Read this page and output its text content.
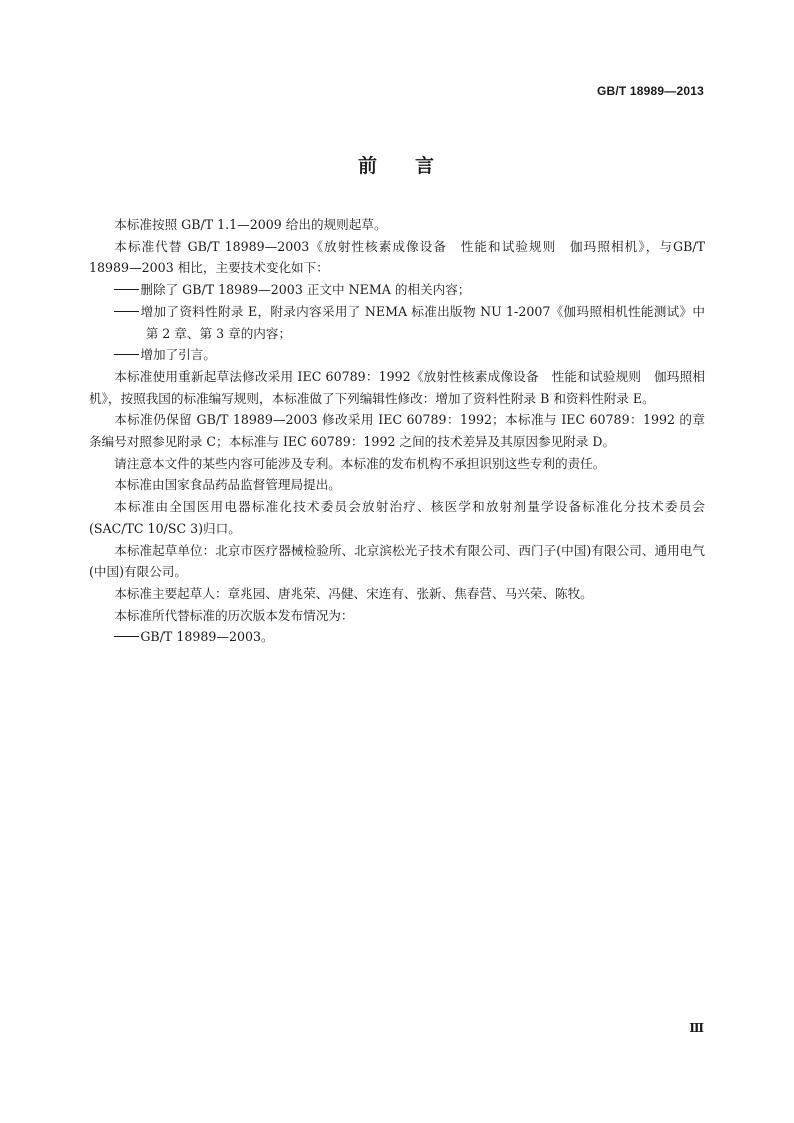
GB/T 18989—2013
前 言

本标准按照 GB/T 1.1—2009 给出的规则起草。

本标准代替 GB/T 18989—2003《放射性核素成像设备　性能和试验规则　伽玛照相机》，与GB/T 18989—2003 相比，主要技术变化如下：

删除了 GB/T 18989—2003 正文中 NEMA 的相关内容；

增加了资料性附录 E，附录内容采用了 NEMA 标准出版物 NU 1-2007《伽玛照相机性能测试》中第 2 章、第 3 章的内容；

增加了引言。

本标准使用重新起草法修改采用 IEC 60789：1992《放射性核素成像设备　性能和试验规则　伽玛照相机》，按照我国的标准编写规则，本标准做了下列编辑性修改：增加了资料性附录 B 和资料性附录 E。

本标准仍保留 GB/T 18989—2003 修改采用 IEC 60789：1992；本标准与 IEC 60789：1992 的章条编号对照参见附录 C；本标准与 IEC 60789：1992 之间的技术差异及其原因参见附录 D。

请注意本文件的某些内容可能涉及专利。本标准的发布机构不承担识别这些专利的责任。

本标准由国家食品药品监督管理局提出。

本标准由全国医用电器标准化技术委员会放射治疗、核医学和放射剂量学设备标准化分技术委员会(SAC/TC 10/SC 3)归口。

本标准起草单位：北京市医疗器械检验所、北京滨松光子技术有限公司、西门子(中国)有限公司、通用电气(中国)有限公司。

本标准主要起草人：章兆园、唐兆荣、冯健、宋连有、张新、焦春营、马兴荣、陈牧。

本标准所代替标准的历次版本发布情况为：

GB/T 18989—2003。

Ⅲ
